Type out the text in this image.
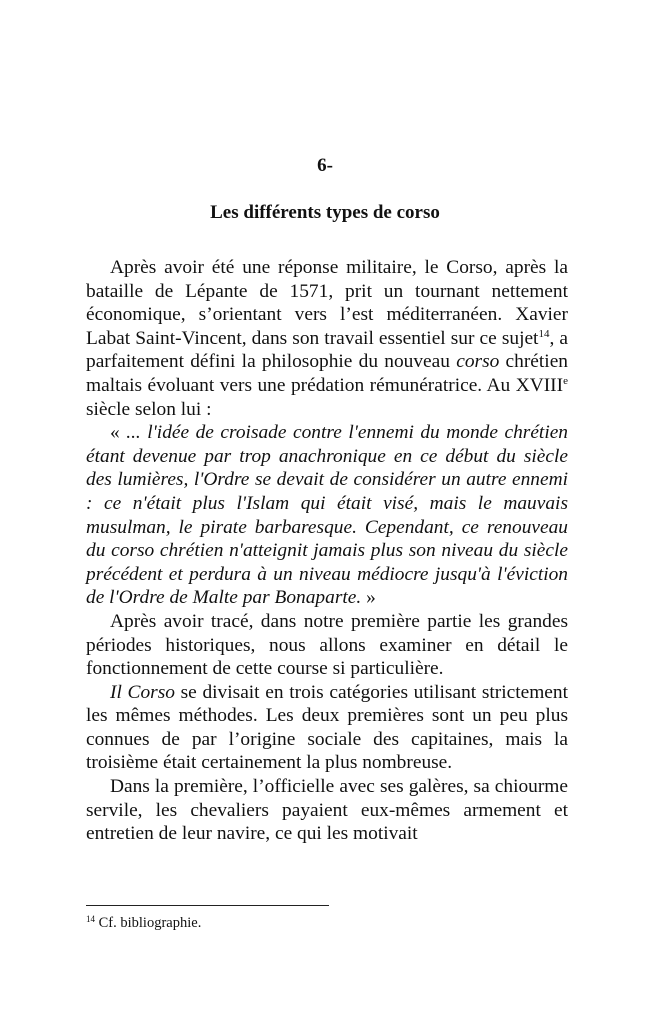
6-
Les différents types de corso

Après avoir été une réponse militaire, le Corso, après la bataille de Lépante de 1571, prit un tournant nettement économique, s’orientant vers l’est méditerranéen. Xavier Labat Saint-Vincent, dans son travail essentiel sur ce sujet$^{14}$, a parfaitement défini la philosophie du nouveau corso chrétien maltais évoluant vers une prédation rémunératrice. Au XVIIIe siècle selon lui :

« ... l'idée de croisade contre l'ennemi du monde chrétien étant devenue par trop anachronique en ce début du siècle des lumières, l'Ordre se devait de considérer un autre ennemi : ce n'était plus l'Islam qui était visé, mais le mauvais musulman, le pirate barbaresque. Cependant, ce renouveau du corso chrétien n'atteignit jamais plus son niveau du siècle précédent et perdura à un niveau médiocre jusqu'à l'éviction de l'Ordre de Malte par Bonaparte. »

Après avoir tracé, dans notre première partie les grandes périodes historiques, nous allons examiner en détail le fonctionnement de cette course si particulière.

Il Corso se divisait en trois catégories utilisant strictement les mêmes méthodes. Les deux premières sont un peu plus connues de par l’origine sociale des capitaines, mais la troisième était certainement la plus nombreuse.

Dans la première, l’officielle avec ses galères, sa chiourme servile, les chevaliers payaient eux-mêmes armement et entretien de leur navire, ce qui les motivait

$^{14}$ Cf. bibliographie.
